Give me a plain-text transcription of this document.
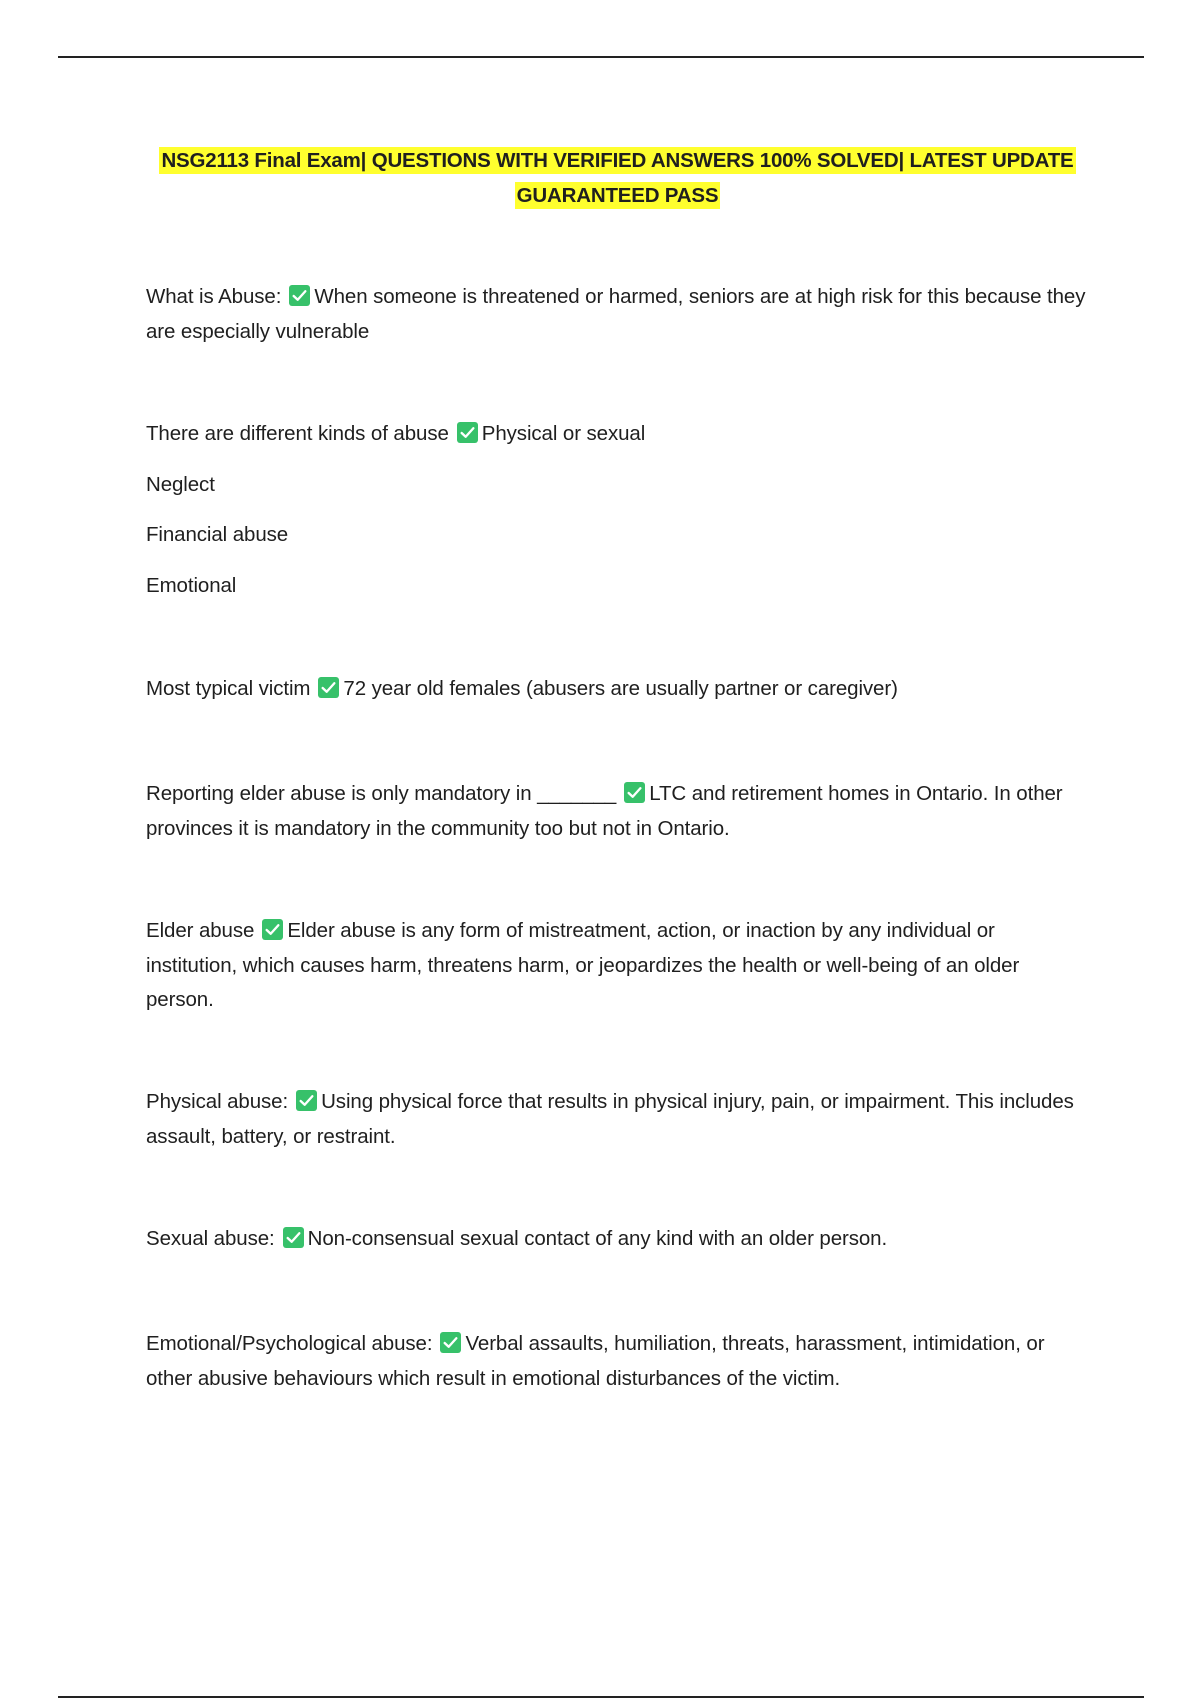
NSG2113 Final Exam| QUESTIONS WITH VERIFIED ANSWERS 100% SOLVED| LATEST UPDATE GUARANTEED PASS

What is Abuse: When someone is threatened or harmed, seniors are at high risk for this because they are especially vulnerable

There are different kinds of abuse Physical or sexual

Neglect

Financial abuse

Emotional

Most typical victim 72 year old females (abusers are usually partner or caregiver)

Reporting elder abuse is only mandatory in _______ LTC and retirement homes in Ontario. In other provinces it is mandatory in the community too but not in Ontario.

Elder abuse Elder abuse is any form of mistreatment, action, or inaction by any individual or institution, which causes harm, threatens harm, or jeopardizes the health or well-being of an older person.

Physical abuse: Using physical force that results in physical injury, pain, or impairment. This includes assault, battery, or restraint.

Sexual abuse: Non-consensual sexual contact of any kind with an older person.

Emotional/Psychological abuse: Verbal assaults, humiliation, threats, harassment, intimidation, or other abusive behaviours which result in emotional disturbances of the victim.
